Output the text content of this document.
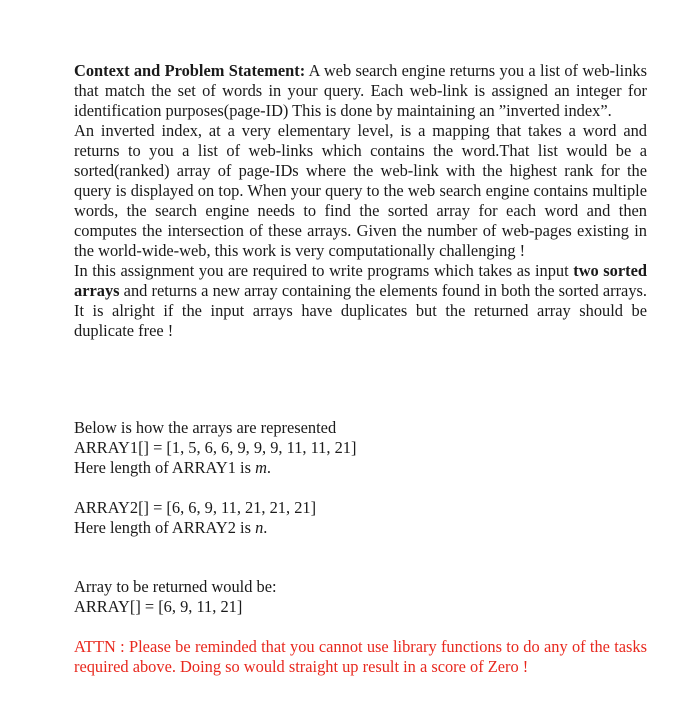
Context and Problem Statement: A web search engine returns you a list of web-links that match the set of words in your query. Each web-link is assigned an integer for identification purposes(page-ID) This is done by maintaining an ”inverted index”.

An inverted index, at a very elementary level, is a mapping that takes a word and returns to you a list of web-links which contains the word.That list would be a sorted(ranked) array of page-IDs where the web-link with the highest rank for the query is displayed on top. When your query to the web search engine contains multiple words, the search engine needs to find the sorted array for each word and then computes the intersection of these arrays. Given the number of web-pages existing in the world-wide-web, this work is very computationally challenging !

In this assignment you are required to write programs which takes as input two sorted arrays and returns a new array containing the elements found in both the sorted arrays. It is alright if the input arrays have duplicates but the returned array should be duplicate free !

Below is how the arrays are represented

ARRAY1[] = [1, 5, 6, 6, 9, 9, 9, 11, 11, 21]

Here length of ARRAY1 is m.

ARRAY2[] = [6, 6, 9, 11, 21, 21, 21]

Here length of ARRAY2 is n.

Array to be returned would be:

ARRAY[] = [6, 9, 11, 21]

ATTN : Please be reminded that you cannot use library functions to do any of the tasks required above. Doing so would straight up result in a score of Zero !
